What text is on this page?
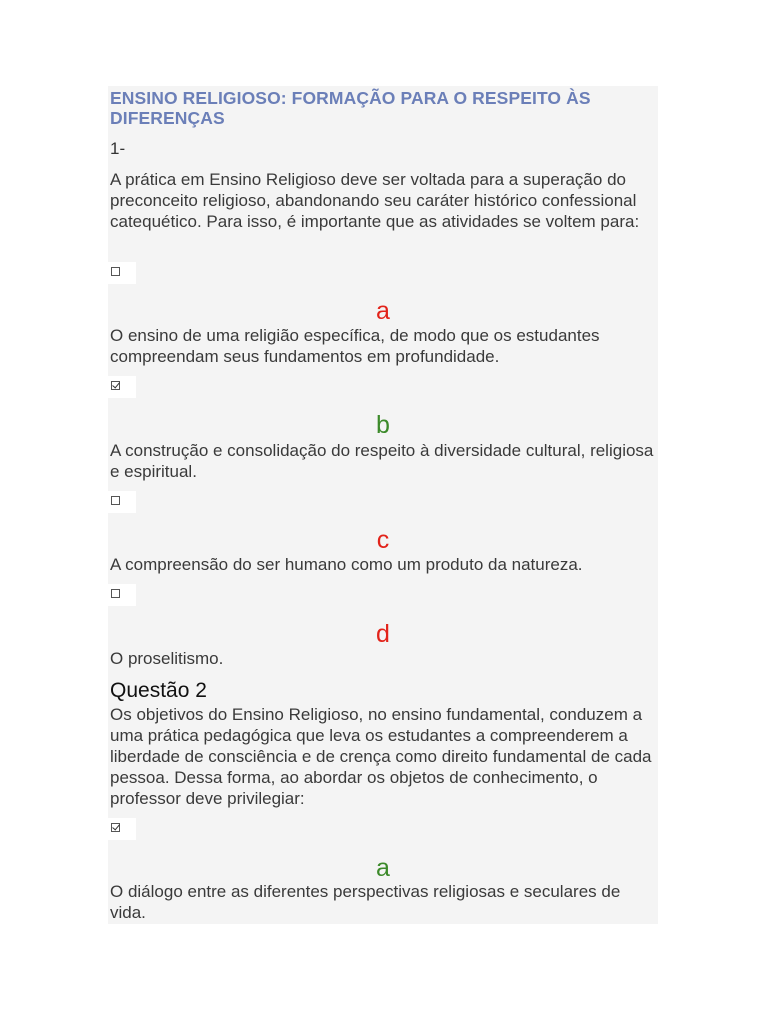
ENSINO RELIGIOSO: FORMAÇÃO PARA O RESPEITO ÀS DIFERENÇAS
1-
A prática em Ensino Religioso deve ser voltada para a superação do preconceito religioso, abandonando seu caráter histórico confessional catequético. Para isso, é importante que as atividades se voltem para:
a
O ensino de uma religião específica, de modo que os estudantes compreendam seus fundamentos em profundidade.
b
A construção e consolidação do respeito à diversidade cultural, religiosa e espiritual.
c
A compreensão do ser humano como um produto da natureza.
d
O proselitismo.
Questão 2
Os objetivos do Ensino Religioso, no ensino fundamental, conduzem a uma prática pedagógica que leva os estudantes a compreenderem a liberdade de consciência e de crença como direito fundamental de cada pessoa. Dessa forma, ao abordar os objetos de conhecimento, o professor deve privilegiar:
a
O diálogo entre as diferentes perspectivas religiosas e seculares de vida.
